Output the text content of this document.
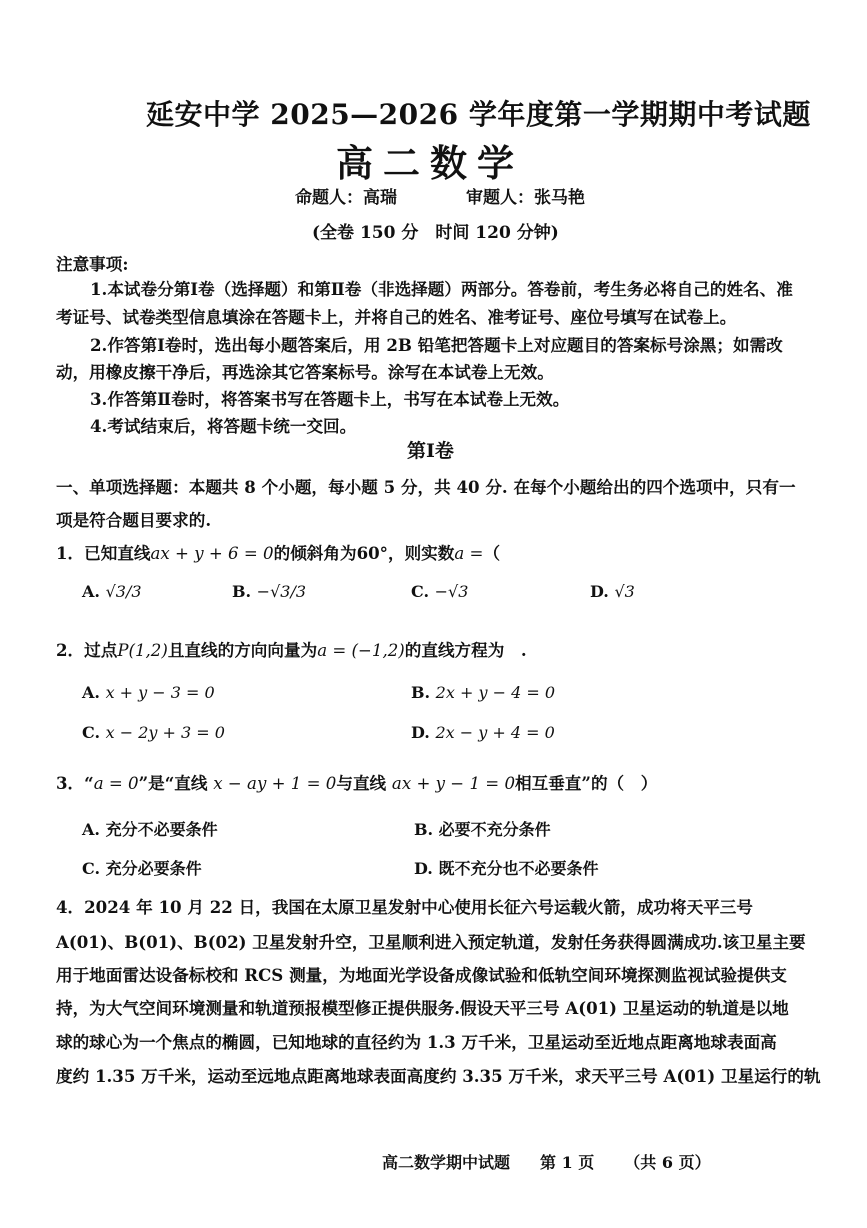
延安中学 2025—2026 学年度第一学期期中考试题
高二数学
命题人：高瑞	审题人：张马艳
(全卷 150 分　时间 120 分钟)
注意事项:
1.本试卷分第Ⅰ卷（选择题）和第Ⅱ卷（非选择题）两部分。答卷前，考生务必将自己的姓名、准
考证号、试卷类型信息填涂在答题卡上，并将自己的姓名、准考证号、座位号填写在试卷上。
2.作答第Ⅰ卷时，选出每小题答案后，用 2B 铅笔把答题卡上对应题目的答案标号涂黑；如需改
动，用橡皮擦干净后，再选涂其它答案标号。涂写在本试卷上无效。
3.作答第Ⅱ卷时，将答案书写在答题卡上，书写在本试卷上无效。
4.考试结束后，将答题卡统一交回。
第Ⅰ卷
一、单项选择题：本题共 8 个小题，每小题 5 分，共 40 分. 在每个小题给出的四个选项中，只有一
项是符合题目要求的.
1．已知直线ax + y + 6 = 0的倾斜角为60°，则实数a =（
A. √3/3	B. −√3/3	C. −√3	D. √3
2．过点P(1,2)且直线的方向向量为a = (−1,2)的直线方程为　.
A. x + y − 3 = 0	B. 2x + y − 4 = 0
C. x − 2y + 3 = 0	D. 2x − y + 4 = 0
3．“a = 0”是“直线 x − ay + 1 = 0与直线 ax + y − 1 = 0相互垂直”的（　）
A. 充分不必要条件	B. 必要不充分条件
C. 充分必要条件	D. 既不充分也不必要条件
4．2024 年 10 月 22 日，我国在太原卫星发射中心使用长征六号运载火箭，成功将天平三号
A(01)、B(01)、B(02) 卫星发射升空，卫星顺利进入预定轨道，发射任务获得圆满成功.该卫星主要
用于地面雷达设备标校和 RCS 测量，为地面光学设备成像试验和低轨空间环境探测监视试验提供支
持，为大气空间环境测量和轨道预报模型修正提供服务.假设天平三号 A(01) 卫星运动的轨道是以地
球的球心为一个焦点的椭圆，已知地球的直径约为 1.3 万千米，卫星运动至近地点距离地球表面高
度约 1.35 万千米，运动至远地点距离地球表面高度约 3.35 万千米，求天平三号 A(01) 卫星运行的轨
高二数学期中试题 第 1 页 （共 6 页）
